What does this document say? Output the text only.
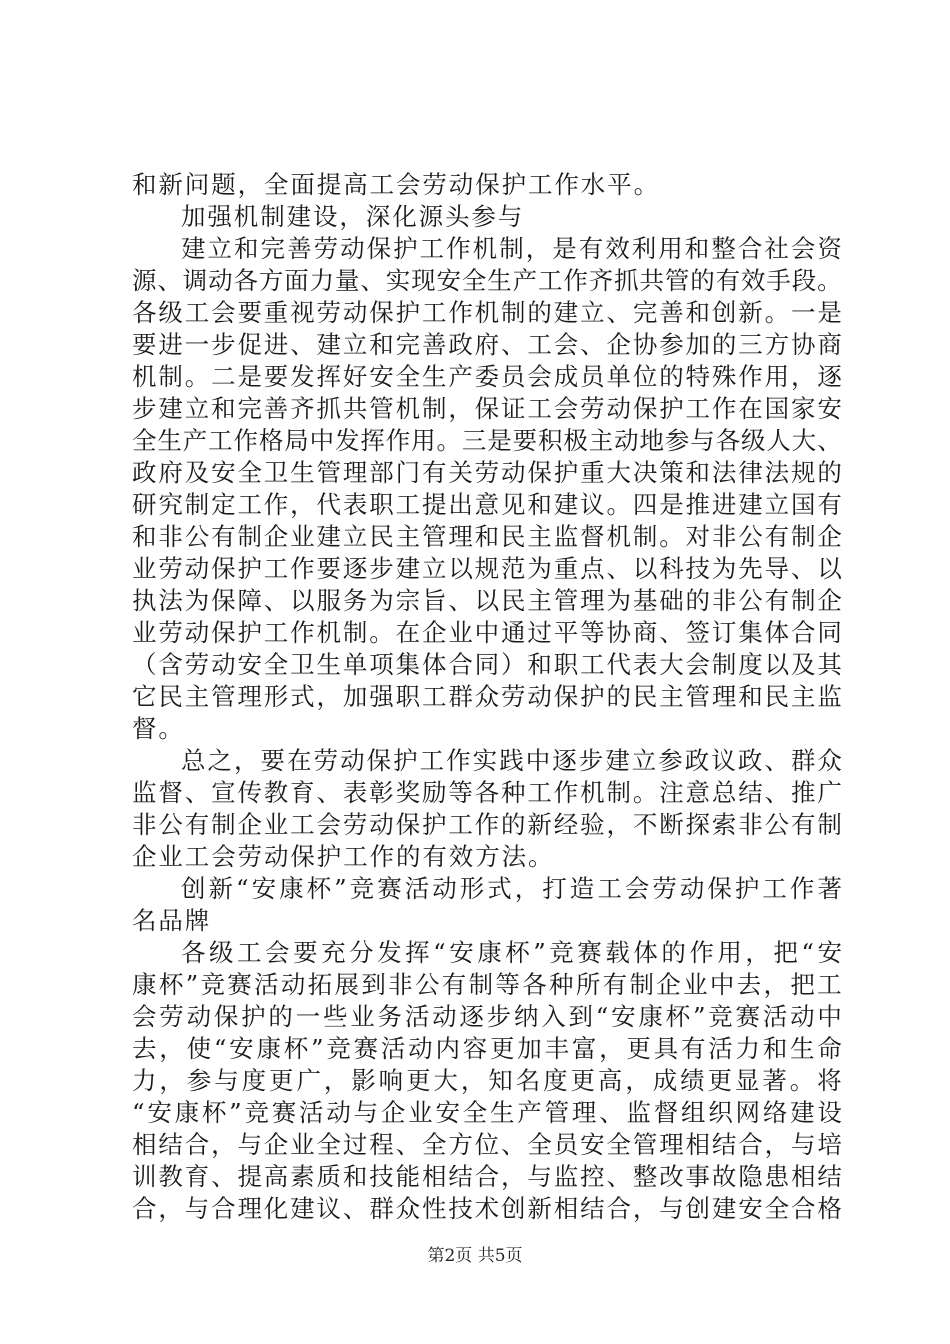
和新问题，全面提高工会劳动保护工作水平。
加强机制建设，深化源头参与
建 立 和 完 善 劳 动 保 护 工 作 机 制 ， 是 有 效 利 用 和 整 合 社 会 资
源 、 调 动 各 方 面 力 量 、 实 现 安 全 生 产 工 作 齐 抓 共 管 的 有 效 手 段 。
各 级 工 会 要 重 视 劳 动 保 护 工 作 机 制 的 建 立 、 完 善 和 创 新 。 一 是
要 进 一 步 促 进 、 建 立 和 完 善 政 府 、 工 会 、 企 协 参 加 的 三 方 协 商
机 制 。 二 是 要 发 挥 好 安 全 生 产 委 员 会 成 员 单 位 的 特 殊 作 用 ， 逐
步 建 立 和 完 善 齐 抓 共 管 机 制 ， 保 证 工 会 劳 动 保 护 工 作 在 国 家 安
全 生 产 工 作 格 局 中 发 挥 作 用 。 三 是 要 积 极 主 动 地 参 与 各 级 人 大 、
政 府 及 安 全 卫 生 管 理 部 门 有 关 劳 动 保 护 重 大 决 策 和 法 律 法 规 的
研 究 制 定 工 作 ， 代 表 职 工 提 出 意 见 和 建 议 。 四 是 推 进 建 立 国 有
和 非 公 有 制 企 业 建 立 民 主 管 理 和 民 主 监 督 机 制 。 对 非 公 有 制 企
业 劳 动 保 护 工 作 要 逐 步 建 立 以 规 范 为 重 点 、 以 科 技 为 先 导 、 以
执 法 为 保 障 、 以 服 务 为 宗 旨 、 以 民 主 管 理 为 基 础 的 非 公 有 制 企
业 劳 动 保 护 工 作 机 制 。 在 企 业 中 通 过 平 等 协 商 、 签 订 集 体 合 同
（ 含 劳 动 安 全 卫 生 单 项 集 体 合 同 ） 和 职 工 代 表 大 会 制 度 以 及 其
它 民 主 管 理 形 式 ， 加 强 职 工 群 众 劳 动 保 护 的 民 主 管 理 和 民 主 监
督。
总 之 ， 要 在 劳 动 保 护 工 作 实 践 中 逐 步 建 立 参 政 议 政 、 群 众
监 督 、 宣 传 教 育 、 表 彰 奖 励 等 各 种 工 作 机 制 。 注 意 总 结 、 推 广
非 公 有 制 企 业 工 会 劳 动 保 护 工 作 的 新 经 验 ， 不 断 探 索 非 公 有 制
企业工会劳动保护工作的有效方法。
创 新 “ 安 康 杯 ” 竞 赛 活 动 形 式 ， 打 造 工 会 劳 动 保 护 工 作 著
名品牌
各 级 工 会 要 充 分 发 挥 “ 安 康 杯 ” 竞 赛 载 体 的 作 用 ， 把 “ 安
康 杯 ” 竞 赛 活 动 拓 展 到 非 公 有 制 等 各 种 所 有 制 企 业 中 去 ， 把 工
会 劳 动 保 护 的 一 些 业 务 活 动 逐 步 纳 入 到 “ 安 康 杯 ” 竞 赛 活 动 中
力 ， 参 与 度 更 广 ， 影 响 更 大 ， 知 名 度 更 高 ， 成 绩 更 显 著 。 将
“ 安 康 杯 ” 竞 赛 活 动 与 企 业 安 全 生 产 管 理 、 监 督 组 织 网 络 建 设
相 结 合 ， 与 企 业 全 过 程 、 全 方 位 、 全 员 安 全 管 理 相 结 合 ， 与 培
训 教 育 、 提 高 素 质 和 技 能 相 结 合 ， 与 监 控 、 整 改 事 故 隐 患 相 结
合 ， 与 合 理 化 建 议 、 群 众 性 技 术 创 新 相 结 合 ， 与 创 建 安 全 合 格
去 ， 使 “ 安 康 杯 ” 竞 赛 活 动 内 容 更 加 丰 富 ， 更 具 有 活 力 和 生 命
第2页 共5页
